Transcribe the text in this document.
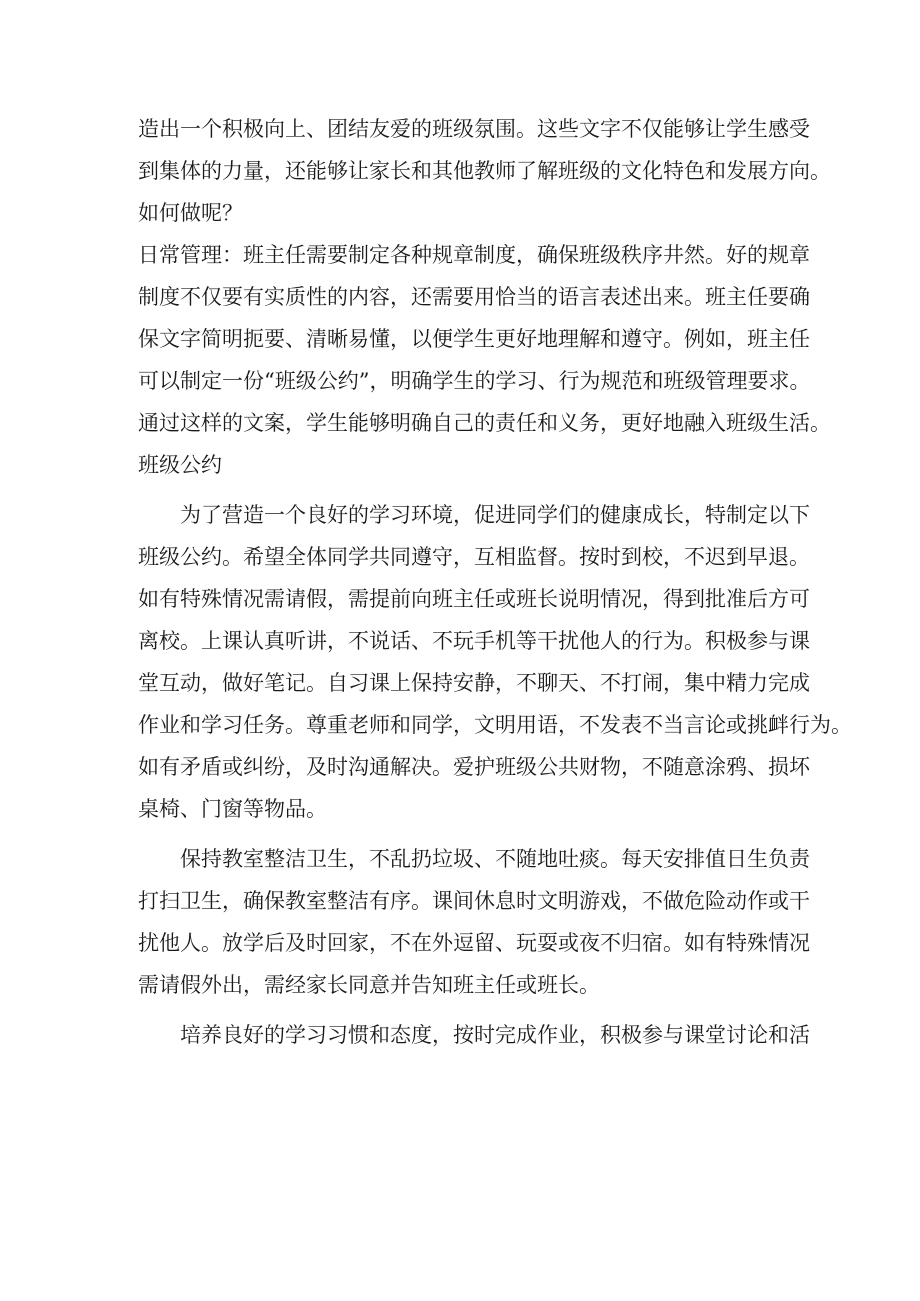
造出一个积极向上、团结友爱的班级氛围。这些文字不仅能够让学生感受
到集体的力量，还能够让家长和其他教师了解班级的文化特色和发展方向。
如何做呢？
日常管理：班主任需要制定各种规章制度，确保班级秩序井然。好的规章
制度不仅要有实质性的内容，还需要用恰当的语言表述出来。班主任要确
保文字简明扼要、清晰易懂，以便学生更好地理解和遵守。例如，班主任
可以制定一份“班级公约”，明确学生的学习、行为规范和班级管理要求。
通过这样的文案，学生能够明确自己的责任和义务，更好地融入班级生活。
班级公约
为了营造一个良好的学习环境，促进同学们的健康成长，特制定以下
班级公约。希望全体同学共同遵守，互相监督。按时到校，不迟到早退。
如有特殊情况需请假，需提前向班主任或班长说明情况，得到批准后方可
离校。上课认真听讲，不说话、不玩手机等干扰他人的行为。积极参与课
堂互动，做好笔记。自习课上保持安静，不聊天、不打闹，集中精力完成
作业和学习任务。尊重老师和同学，文明用语，不发表不当言论或挑衅行为。
如有矛盾或纠纷，及时沟通解决。爱护班级公共财物，不随意涂鸦、损坏
桌椅、门窗等物品。
保持教室整洁卫生，不乱扔垃圾、不随地吐痰。每天安排值日生负责
打扫卫生，确保教室整洁有序。课间休息时文明游戏，不做危险动作或干
扰他人。放学后及时回家，不在外逗留、玩耍或夜不归宿。如有特殊情况
需请假外出，需经家长同意并告知班主任或班长。
培养良好的学习习惯和态度，按时完成作业，积极参与课堂讨论和活
